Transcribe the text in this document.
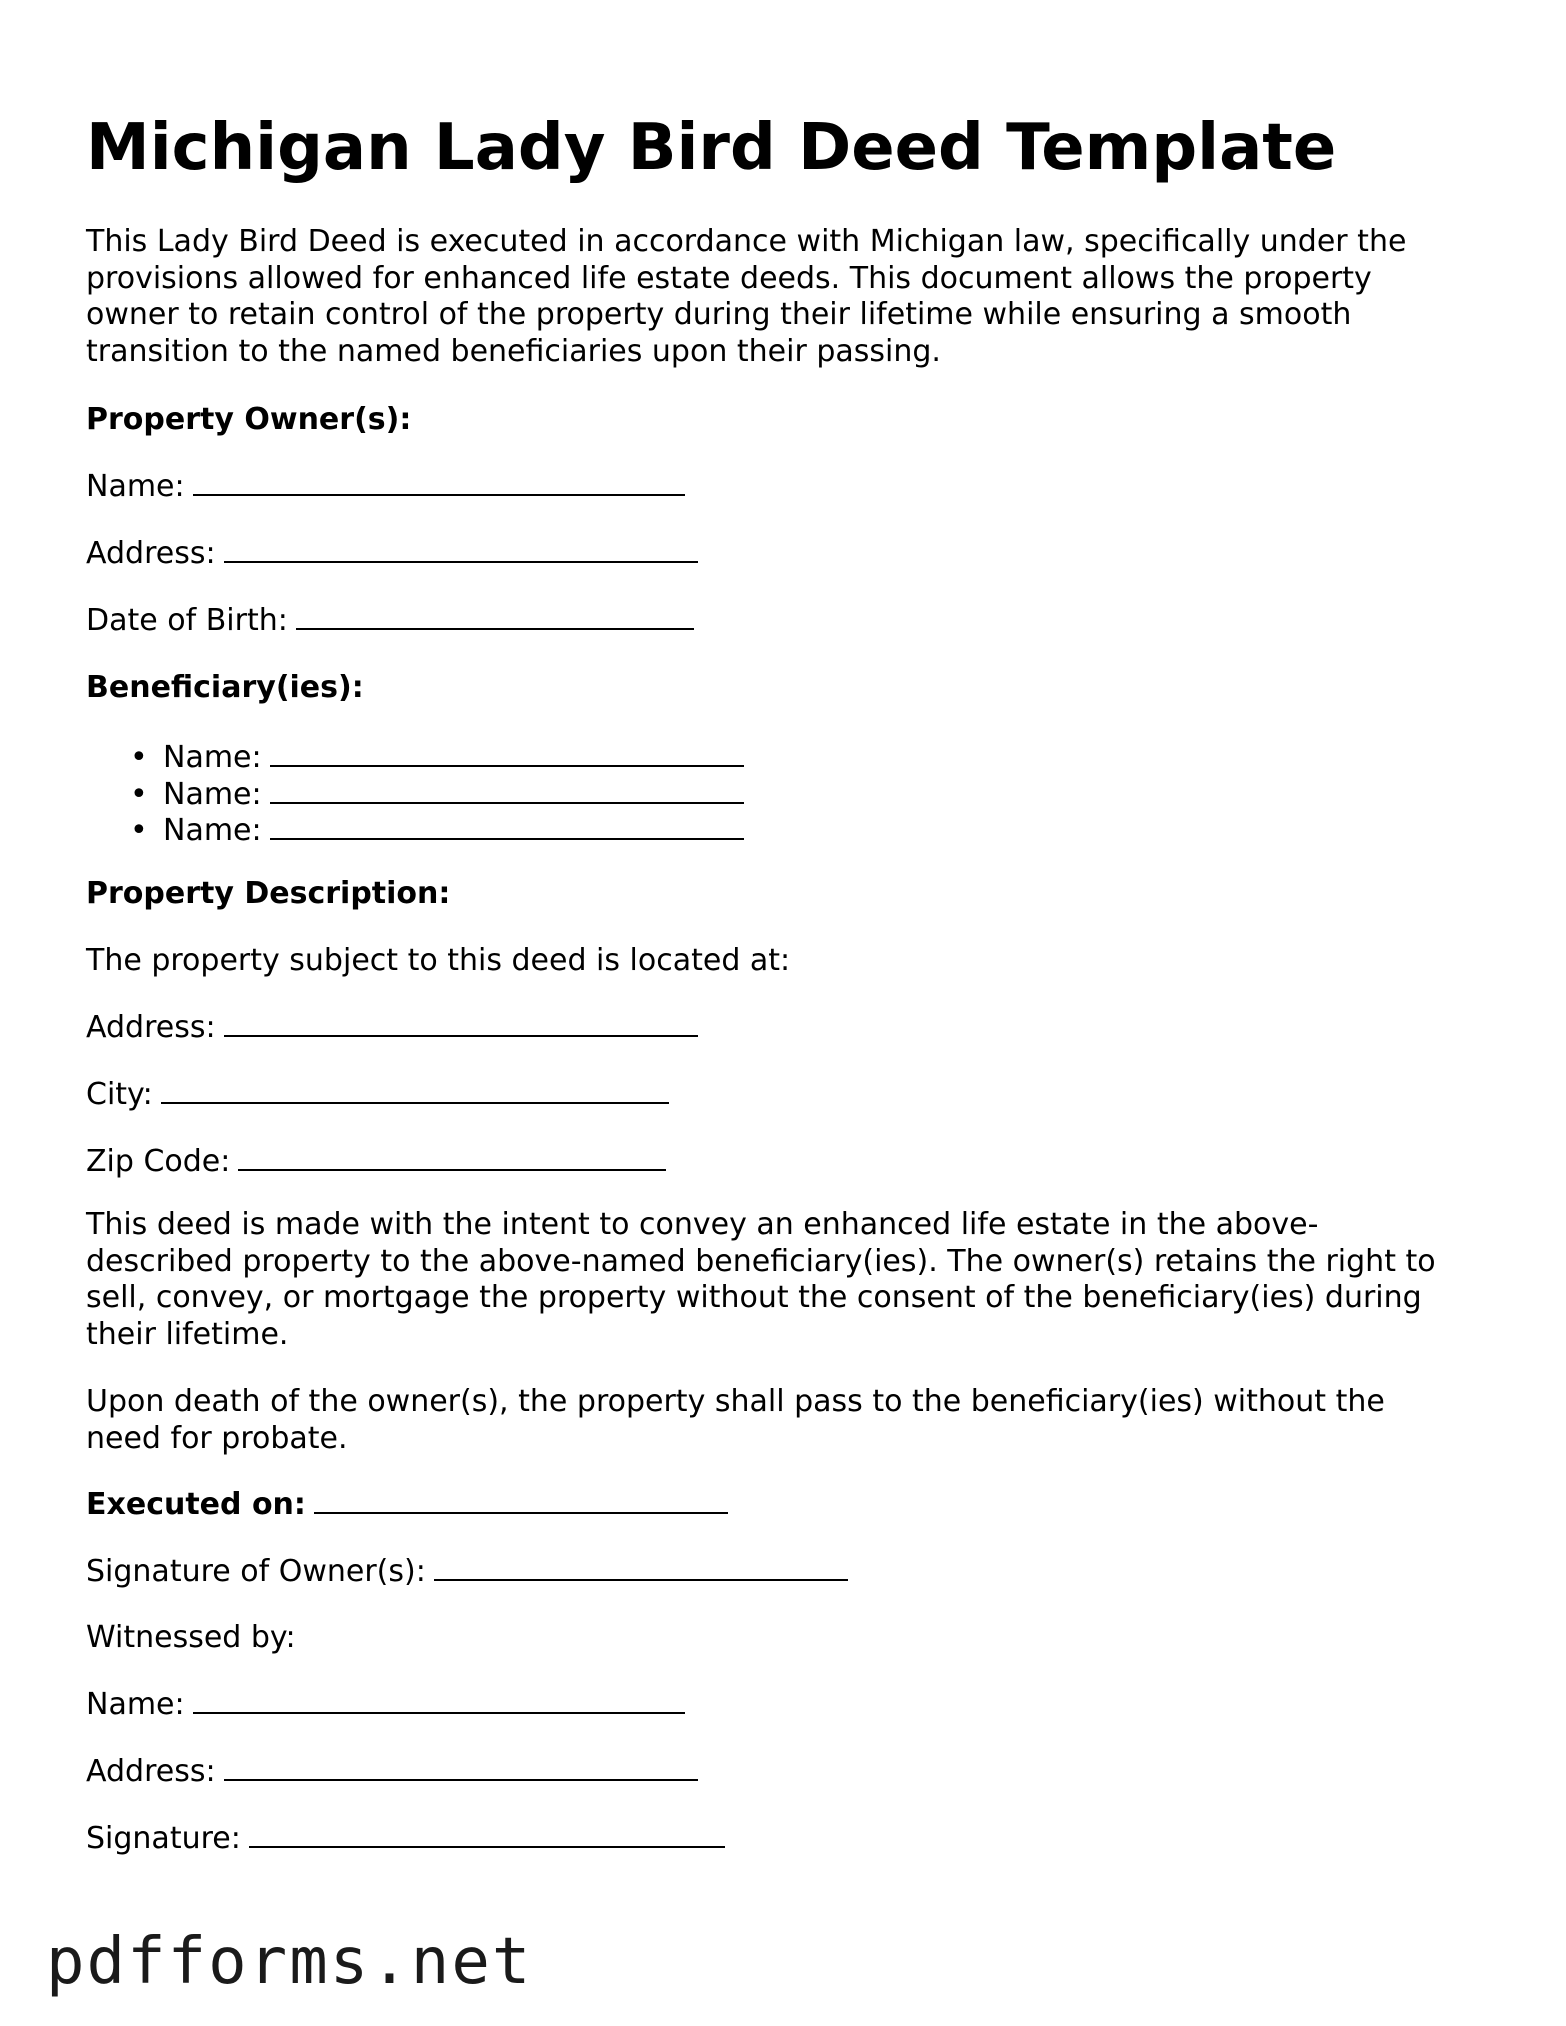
Michigan Lady Bird Deed Template
This Lady Bird Deed is executed in accordance with Michigan law, specifically under the
provisions allowed for enhanced life estate deeds. This document allows the property
owner to retain control of the property during their lifetime while ensuring a smooth
transition to the named beneficiaries upon their passing.
Property Owner(s):
Name:
Address:
Date of Birth:
Beneficiary(ies):
• Name:
• Name:
• Name:
Property Description:
The property subject to this deed is located at:
Address:
City:
Zip Code:
This deed is made with the intent to convey an enhanced life estate in the above-
described property to the above-named beneficiary(ies). The owner(s) retains the right to
sell, convey, or mortgage the property without the consent of the beneficiary(ies) during
their lifetime.
Upon death of the owner(s), the property shall pass to the beneficiary(ies) without the
need for probate.
Executed on:
Signature of Owner(s):
Witnessed by:
Name:
Address:
Signature:
pdfforms.net
